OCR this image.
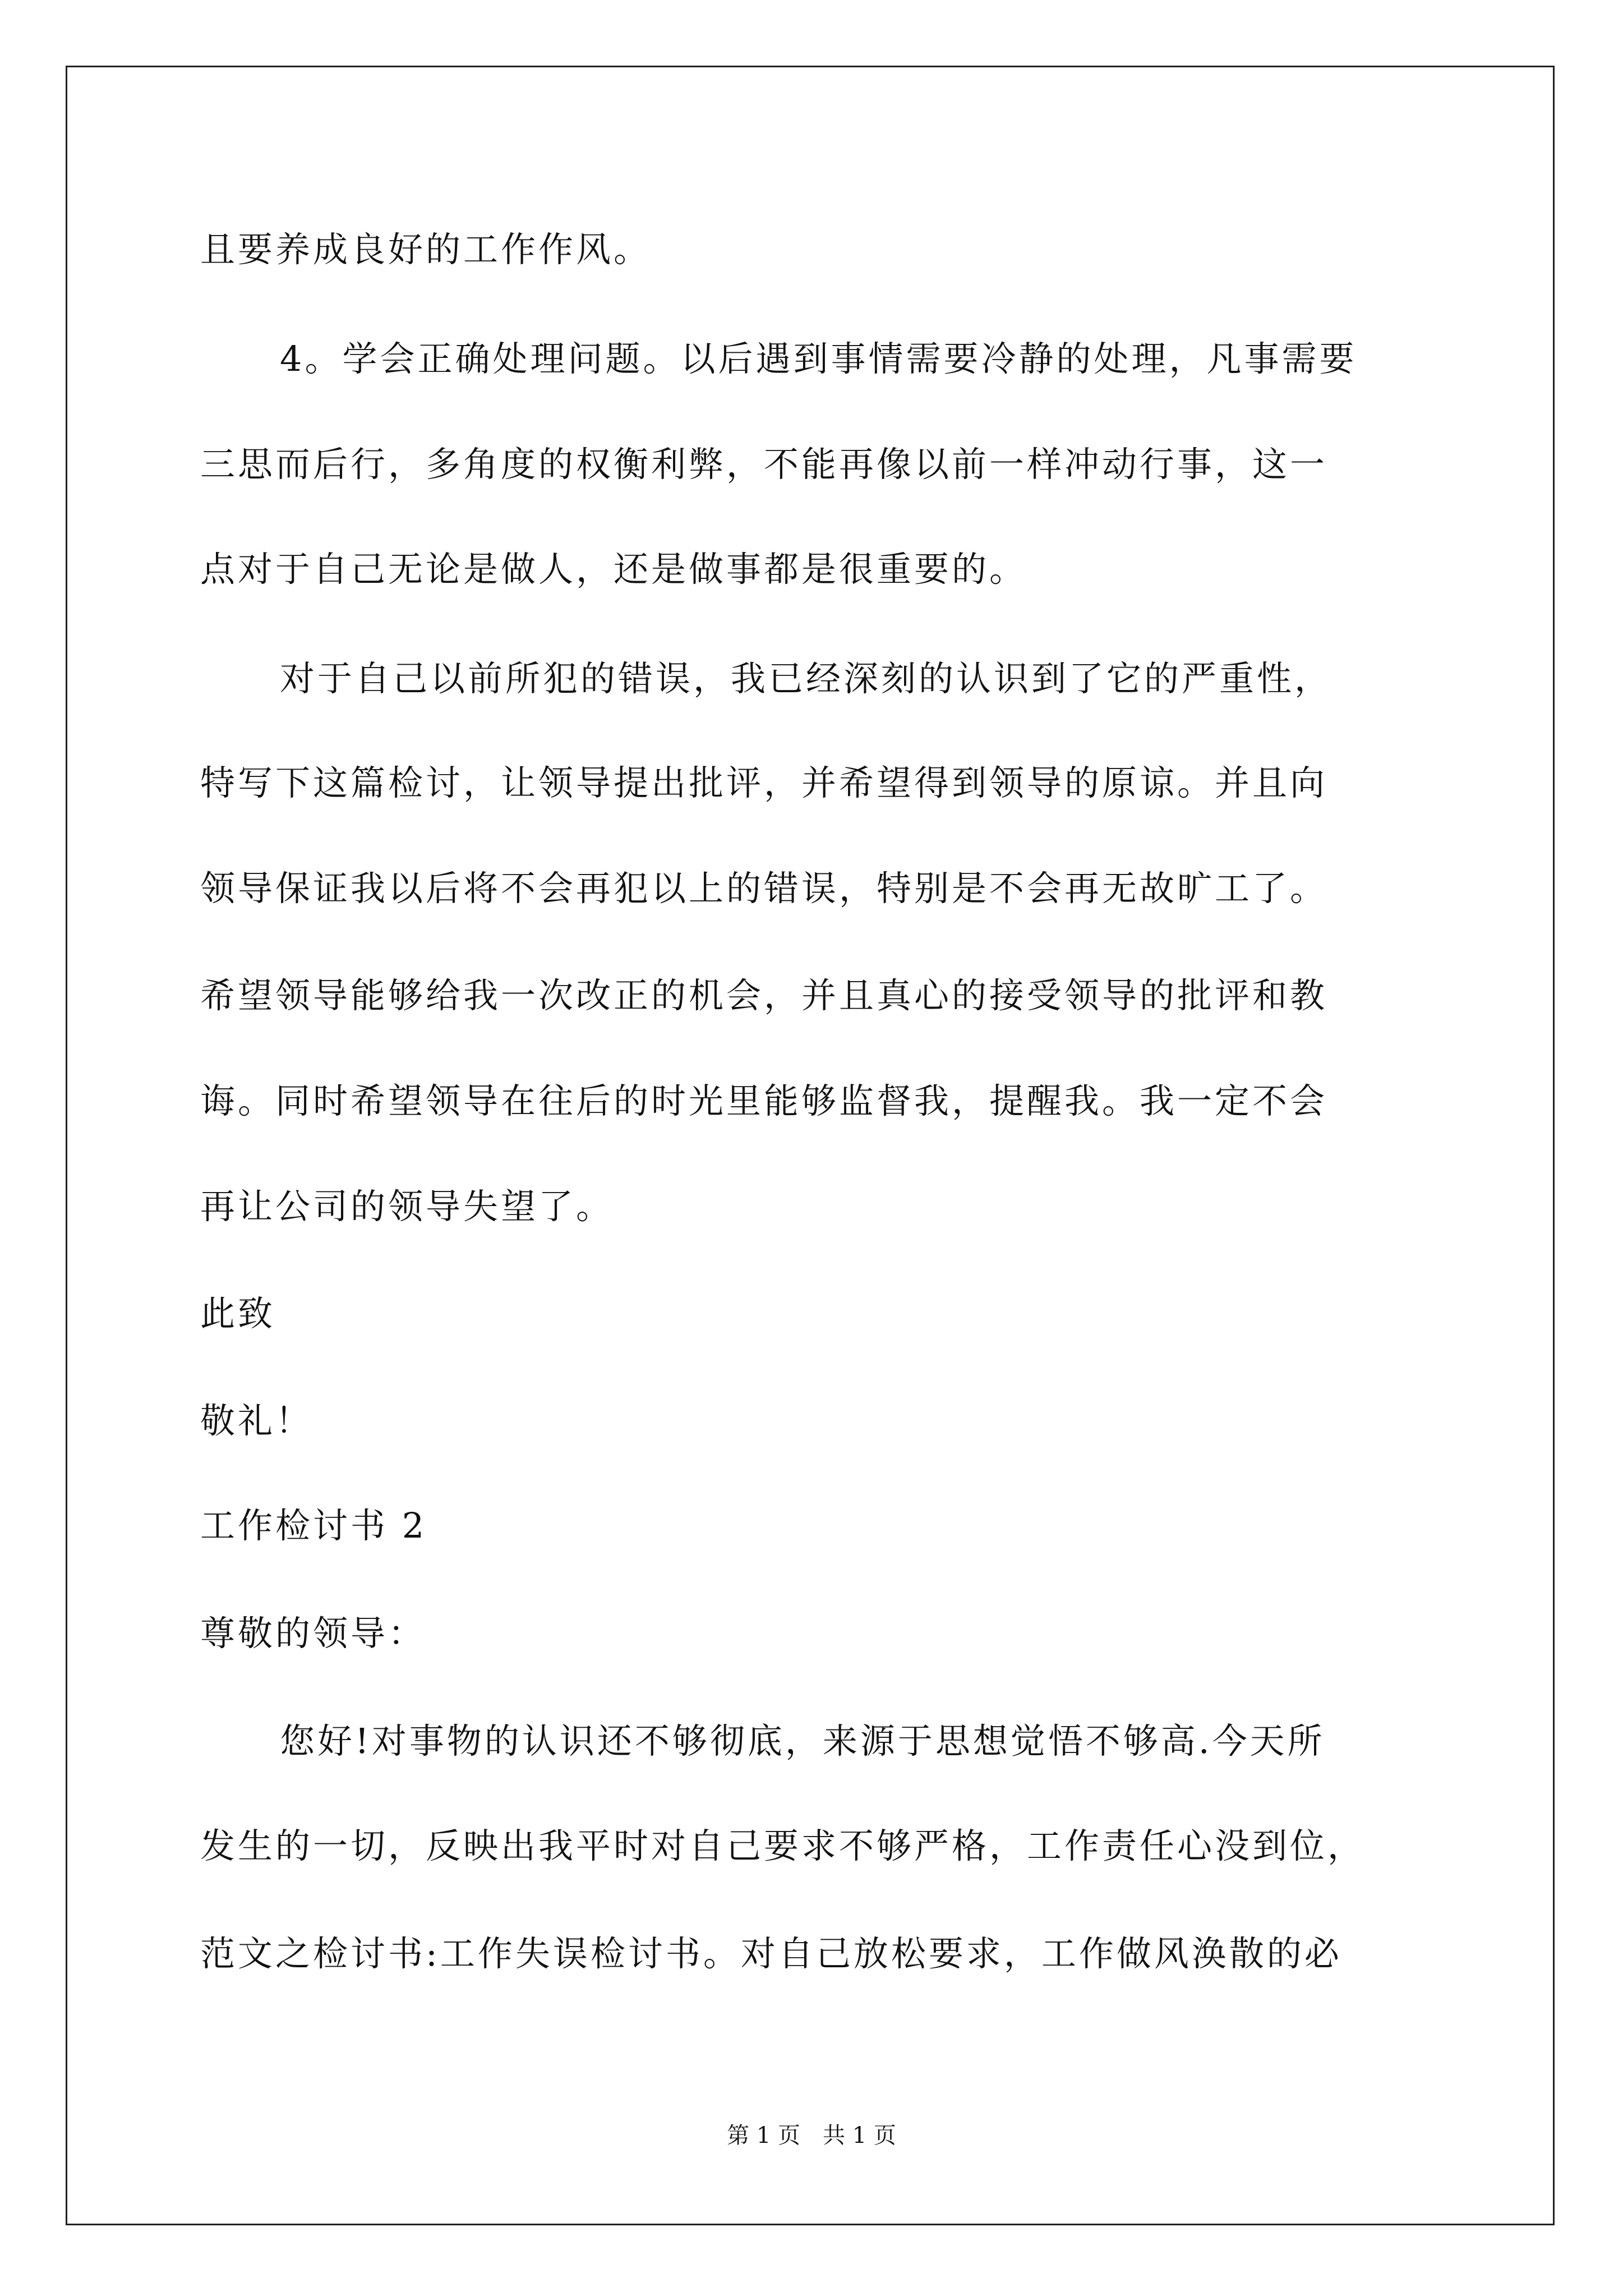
且要养成良好的工作作风。
4。学会正确处理问题。以后遇到事情需要冷静的处理，凡事需要
三思而后行，多角度的权衡利弊，不能再像以前一样冲动行事，这一
点对于自己无论是做人，还是做事都是很重要的。
对于自己以前所犯的错误，我已经深刻的认识到了它的严重性，
特写下这篇检讨，让领导提出批评，并希望得到领导的原谅。并且向
领导保证我以后将不会再犯以上的错误，特别是不会再无故旷工了。
希望领导能够给我一次改正的机会，并且真心的接受领导的批评和教
诲。同时希望领导在往后的时光里能够监督我，提醒我。我一定不会
再让公司的领导失望了。
此致
敬礼！
工作检讨书 2
尊敬的领导：
您好!对事物的认识还不够彻底，来源于思想觉悟不够高.今天所
发生的一切，反映出我平时对自己要求不够严格，工作责任心没到位，
范文之检讨书:工作失误检讨书。对自己放松要求，工作做风涣散的必
第 1 页　共 1 页
